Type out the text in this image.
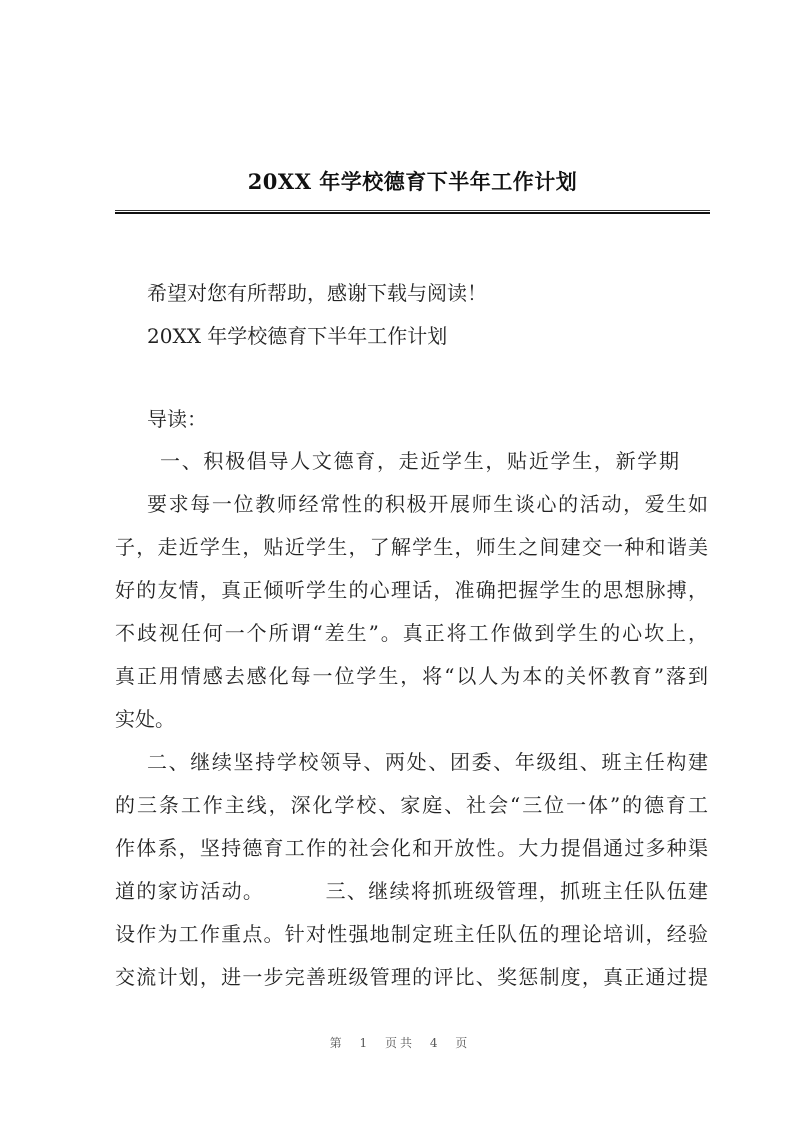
20XX 年学校德育下半年工作计划
希望对您有所帮助，感谢下载与阅读！
20XX 年学校德育下半年工作计划
导读：
一、积极倡导人文德育，走近学生，贴近学生，新学期
要求每一位教师经常性的积极开展师生谈心的活动，爱生如
子，走近学生，贴近学生，了解学生，师生之间建交一种和谐美
好的友情，真正倾听学生的心理话，准确把握学生的思想脉搏，
不歧视任何一个所谓“差生”。真正将工作做到学生的心坎上，
真正用情感去感化每一位学生，将“以人为本的关怀教育”落到
实处。
二、继续坚持学校领导、两处、团委、年级组、班主任构建
的三条工作主线，深化学校、家庭、社会“三位一体”的德育工
作体系，坚持德育工作的社会化和开放性。大力提倡通过多种渠
道的家访活动。        三、继续将抓班级管理，抓班主任队伍建
设作为工作重点。针对性强地制定班主任队伍的理论培训，经验
交流计划，进一步完善班级管理的评比、奖惩制度，真正通过提
第 1 页共 4 页
